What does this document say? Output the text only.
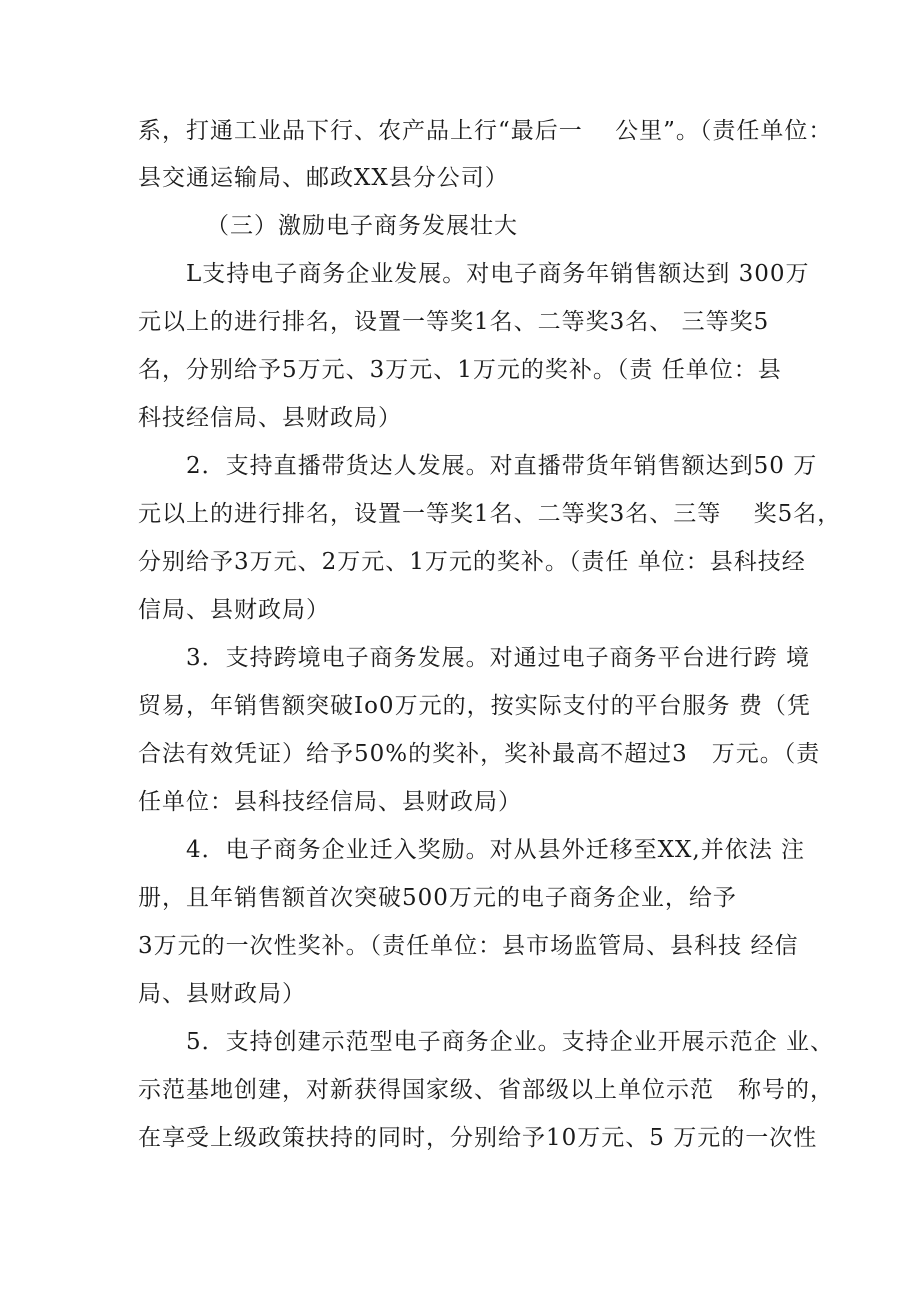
系，打通工业品下行、农产品上行“最后一　 公里”。（责任单位：
县交通运输局、邮政XX县分公司）
（三）激励电子商务发展壮大
L支持电子商务企业发展。对电子商务年销售额达到 300万
元以上的进行排名，设置一等奖1名、二等奖3名、 三等奖5
名，分别给予5万元、3万元、1万元的奖补。（责 任单位：县
科技经信局、县财政局）
2．支持直播带货达人发展。对直播带货年销售额达到50 万
元以上的进行排名，设置一等奖1名、二等奖3名、三等　 奖5名，
分别给予3万元、2万元、1万元的奖补。（责任 单位：县科技经
信局、县财政局）
3．支持跨境电子商务发展。对通过电子商务平台进行跨 境
贸易，年销售额突破Io0万元的，按实际支付的平台服务 费（凭
合法有效凭证）给予50%的奖补，奖补最高不超过3　万元。（责
任单位：县科技经信局、县财政局）
4．电子商务企业迁入奖励。对从县外迁移至XX,并依法 注
册，且年销售额首次突破500万元的电子商务企业，给予
3万元的一次性奖补。（责任单位：县市场监管局、县科技 经信
局、县财政局）
5．支持创建示范型电子商务企业。支持企业开展示范企 业、
示范基地创建，对新获得国家级、省部级以上单位示范　称号的，
在享受上级政策扶持的同时，分别给予10万元、5 万元的一次性
